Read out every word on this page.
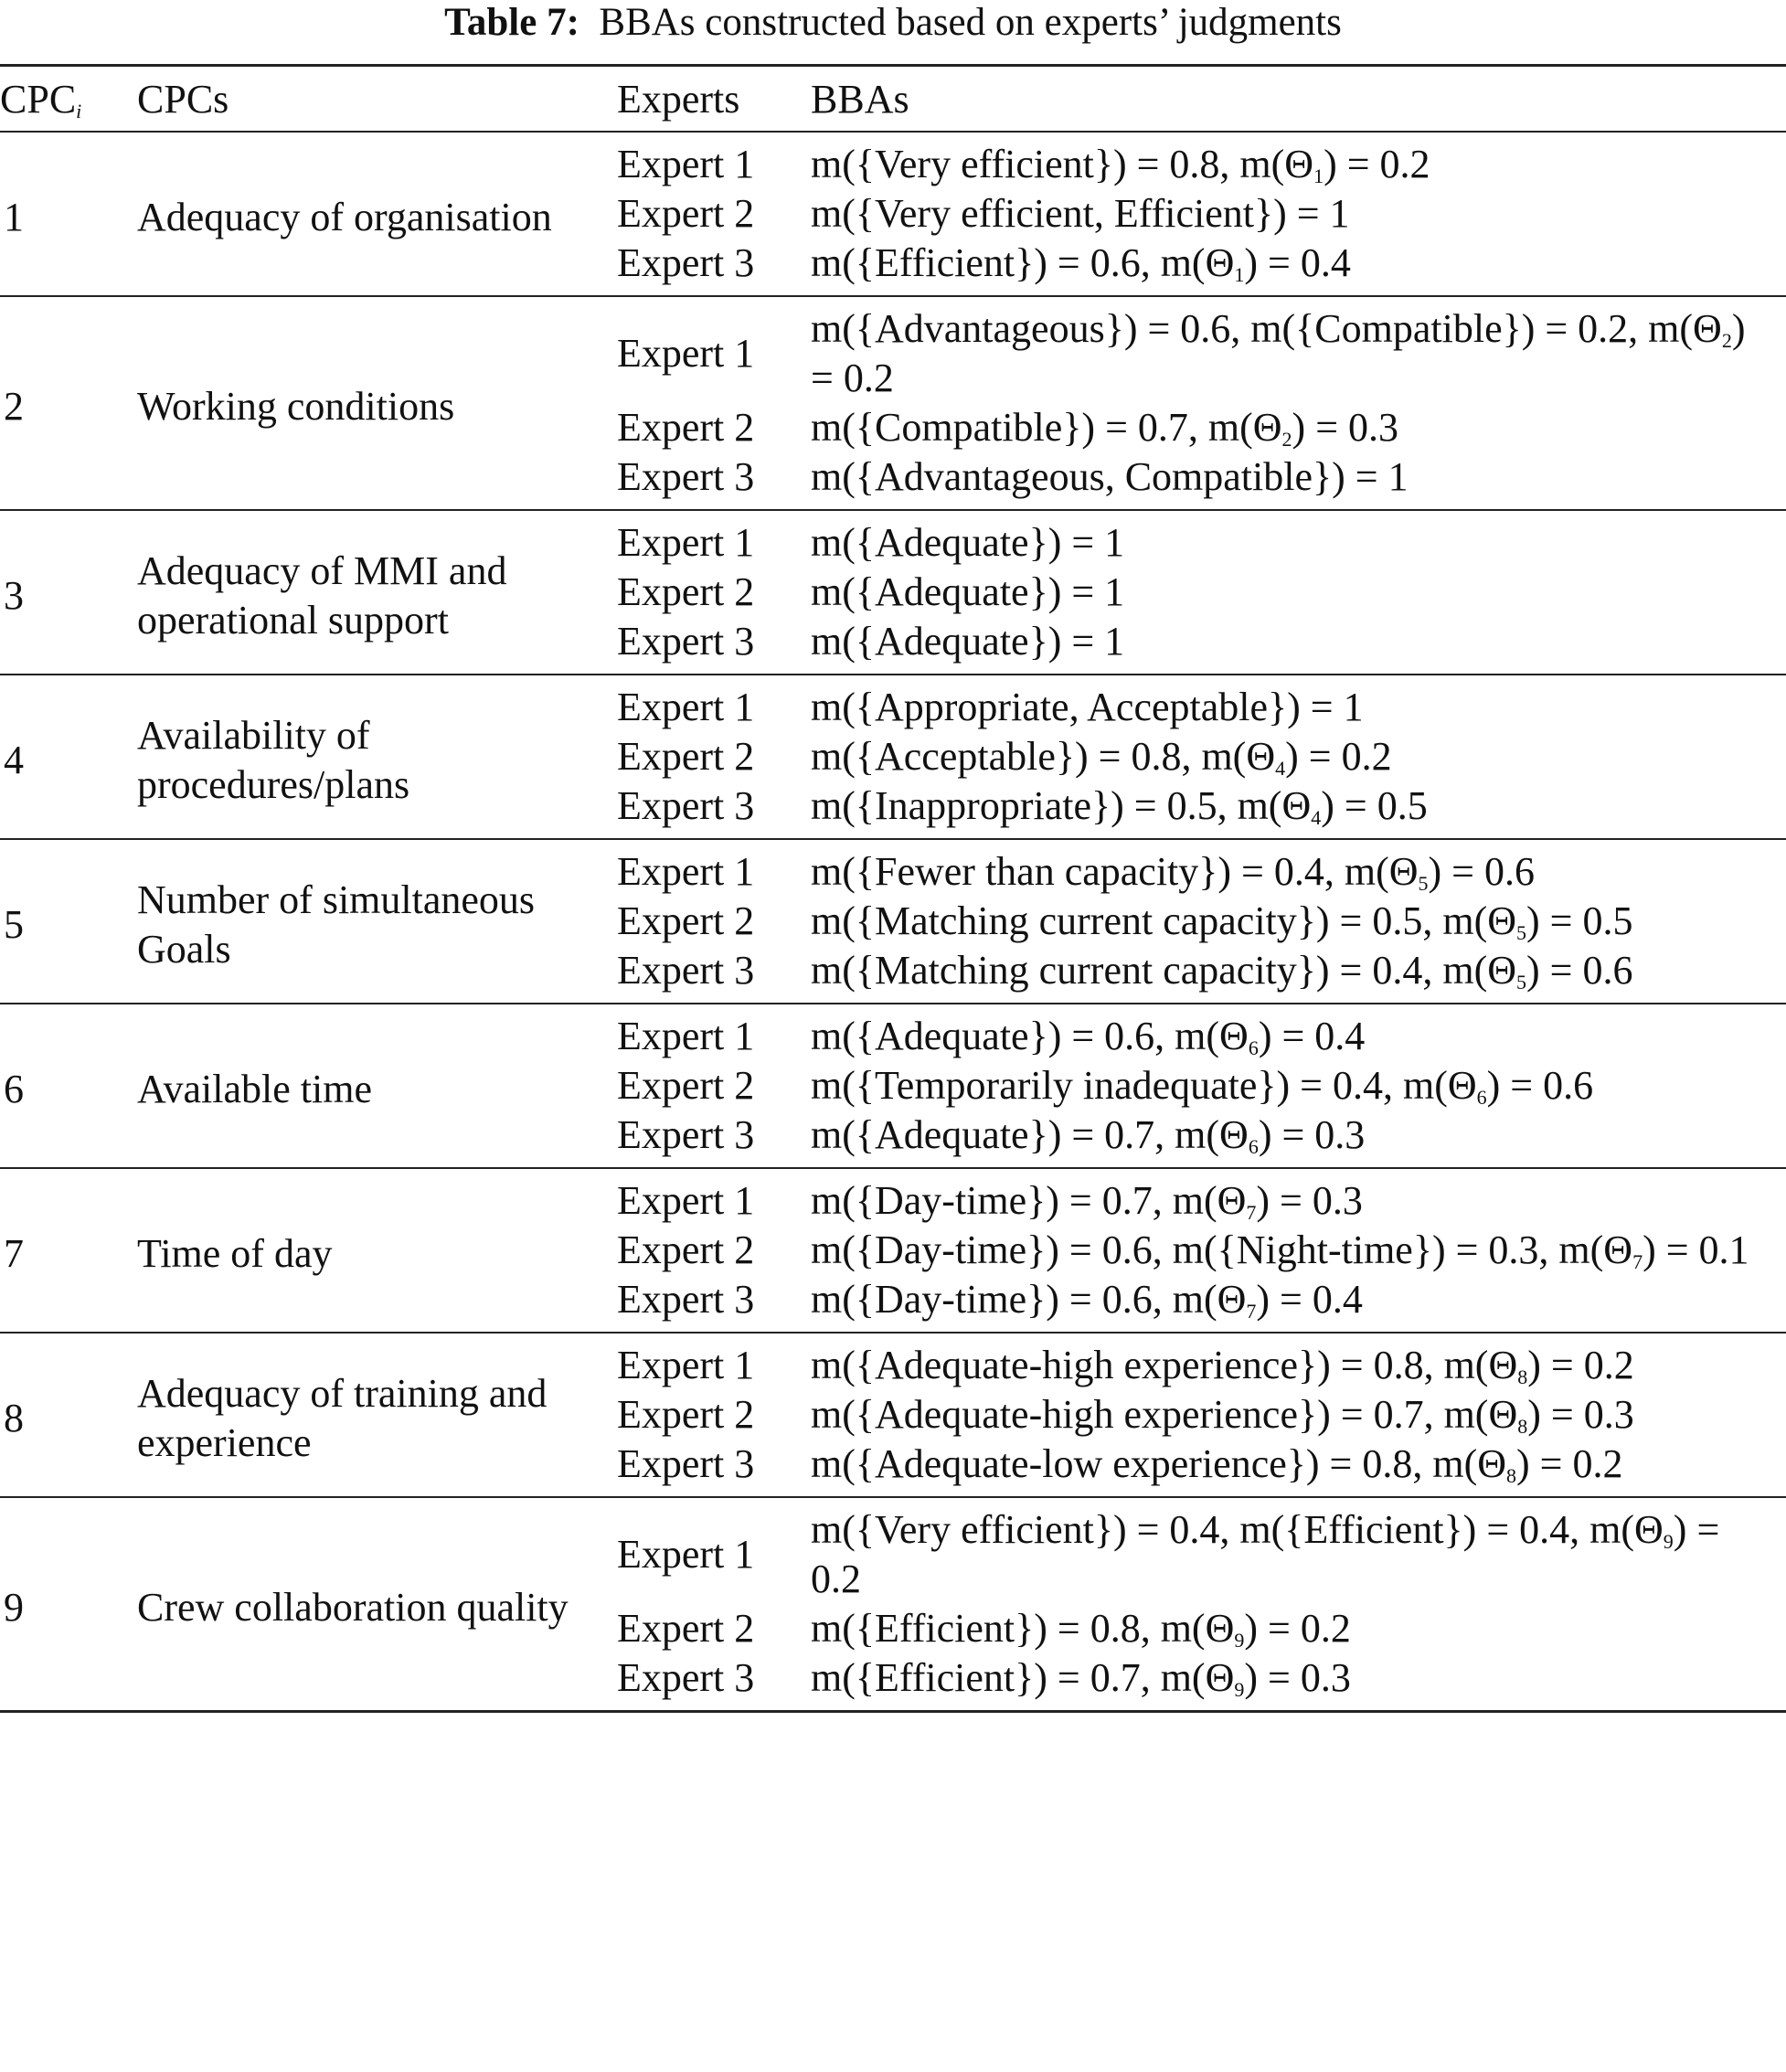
Table 7: BBAs constructed based on experts’ judgments
$CPC_i$	CPCs	Experts	BBAs
1	Adequacy of organisation	Expert 1	m({Very efficient}) = 0.8, $m(\Theta_1) = 0.2$
		Expert 2	m({Very efficient, Efficient}) = 1
		Expert 3	m({Efficient}) = 0.6, $m(\Theta_1) = 0.4$
2	Working conditions	Expert 1	m({Advantageous}) = 0.6, m({Compatible}) = 0.2, $m(\Theta_2) = 0.2$
		Expert 2	m({Compatible}) = 0.7, $m(\Theta_2) = 0.3$
		Expert 3	m({Advantageous, Compatible}) = 1
3	Adequacy of MMI and operational support	Expert 1	m({Adequate}) = 1
		Expert 2	m({Adequate}) = 1
		Expert 3	m({Adequate}) = 1
4	Availability of procedures/plans	Expert 1	m({Appropriate, Acceptable}) = 1
		Expert 2	m({Acceptable}) = 0.8, $m(\Theta_4) = 0.2$
		Expert 3	m({Inappropriate}) = 0.5, $m(\Theta_4) = 0.5$
5	Number of simultaneous Goals	Expert 1	m({Fewer than capacity}) = 0.4, $m(\Theta_5) = 0.6$
		Expert 2	m({Matching current capacity}) = 0.5, $m(\Theta_5) = 0.5$
		Expert 3	m({Matching current capacity}) = 0.4, $m(\Theta_5) = 0.6$
6	Available time	Expert 1	m({Adequate}) = 0.6, $m(\Theta_6) = 0.4$
		Expert 2	m({Temporarily inadequate}) = 0.4, $m(\Theta_6) = 0.6$
		Expert 3	m({Adequate}) = 0.7, $m(\Theta_6) = 0.3$
7	Time of day	Expert 1	m({Day-time}) = 0.7, $m(\Theta_7) = 0.3$
		Expert 2	m({Day-time}) = 0.6, m({Night-time}) = 0.3, $m(\Theta_7) = 0.1$
		Expert 3	m({Day-time}) = 0.6, $m(\Theta_7) = 0.4$
8	Adequacy of training and experience	Expert 1	m({Adequate-high experience}) = 0.8, $m(\Theta_8) = 0.2$
		Expert 2	m({Adequate-high experience}) = 0.7, $m(\Theta_8) = 0.3$
		Expert 3	m({Adequate-low experience}) = 0.8, $m(\Theta_8) = 0.2$
9	Crew collaboration quality	Expert 1	m({Very efficient}) = 0.4, m({Efficient}) = 0.4, $m(\Theta_9) = 0.2$
		Expert 2	m({Efficient}) = 0.8, $m(\Theta_9) = 0.2$
		Expert 3	m({Efficient}) = 0.7, $m(\Theta_9) = 0.3$
